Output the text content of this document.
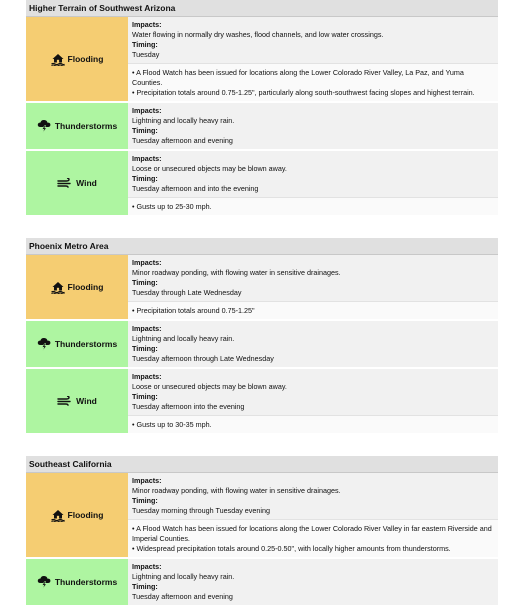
Higher Terrain of Southwest Arizona
Flooding
Impacts:
Water flowing in normally dry washes, flood channels, and low water crossings.
Timing:
Tuesday
• A Flood Watch has been issued for locations along the Lower Colorado River Valley, La Paz, and Yuma Counties.
• Precipitation totals around 0.75-1.25", particularly along south-southwest facing slopes and highest terrain.
Thunderstorms
Impacts:
Lightning and locally heavy rain.
Timing:
Tuesday afternoon and evening
Wind
Impacts:
Loose or unsecured objects may be blown away.
Timing:
Tuesday afternoon and into the evening
• Gusts up to 25-30 mph.
Phoenix Metro Area
Flooding
Impacts:
Minor roadway ponding, with flowing water in sensitive drainages.
Timing:
Tuesday through Late Wednesday
• Precipitation totals around 0.75-1.25"
Thunderstorms
Impacts:
Lightning and locally heavy rain.
Timing:
Tuesday afternoon through Late Wednesday
Wind
Impacts:
Loose or unsecured objects may be blown away.
Timing:
Tuesday afternoon into the evening
• Gusts up to 30-35 mph.
Southeast California
Flooding
Impacts:
Minor roadway ponding, with flowing water in sensitive drainages.
Timing:
Tuesday morning through Tuesday evening
• A Flood Watch has been issued for locations along the Lower Colorado River Valley in far eastern Riverside and Imperial Counties.
• Widespread precipitation totals around 0.25-0.50", with locally higher amounts from thunderstorms.
Thunderstorms
Impacts:
Lightning and locally heavy rain.
Timing:
Tuesday afternoon and evening
